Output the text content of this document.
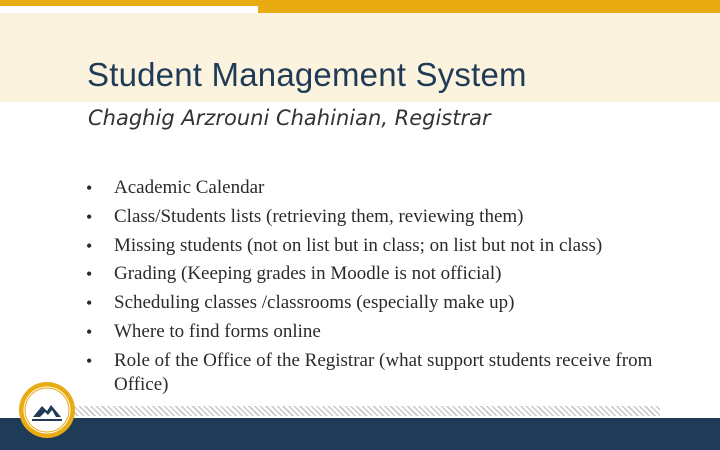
Student Management System

Chaghig Arzrouni Chahinian, Registrar

• Academic Calendar
• Class/Students lists (retrieving them, reviewing them)
• Missing students (not on list but in class; on list but not in class)
• Grading (Keeping grades in Moodle is not official)
• Scheduling classes /classrooms (especially make up)
• Where to find forms online
• Role of the Office of the Registrar (what support students receive from Office)
